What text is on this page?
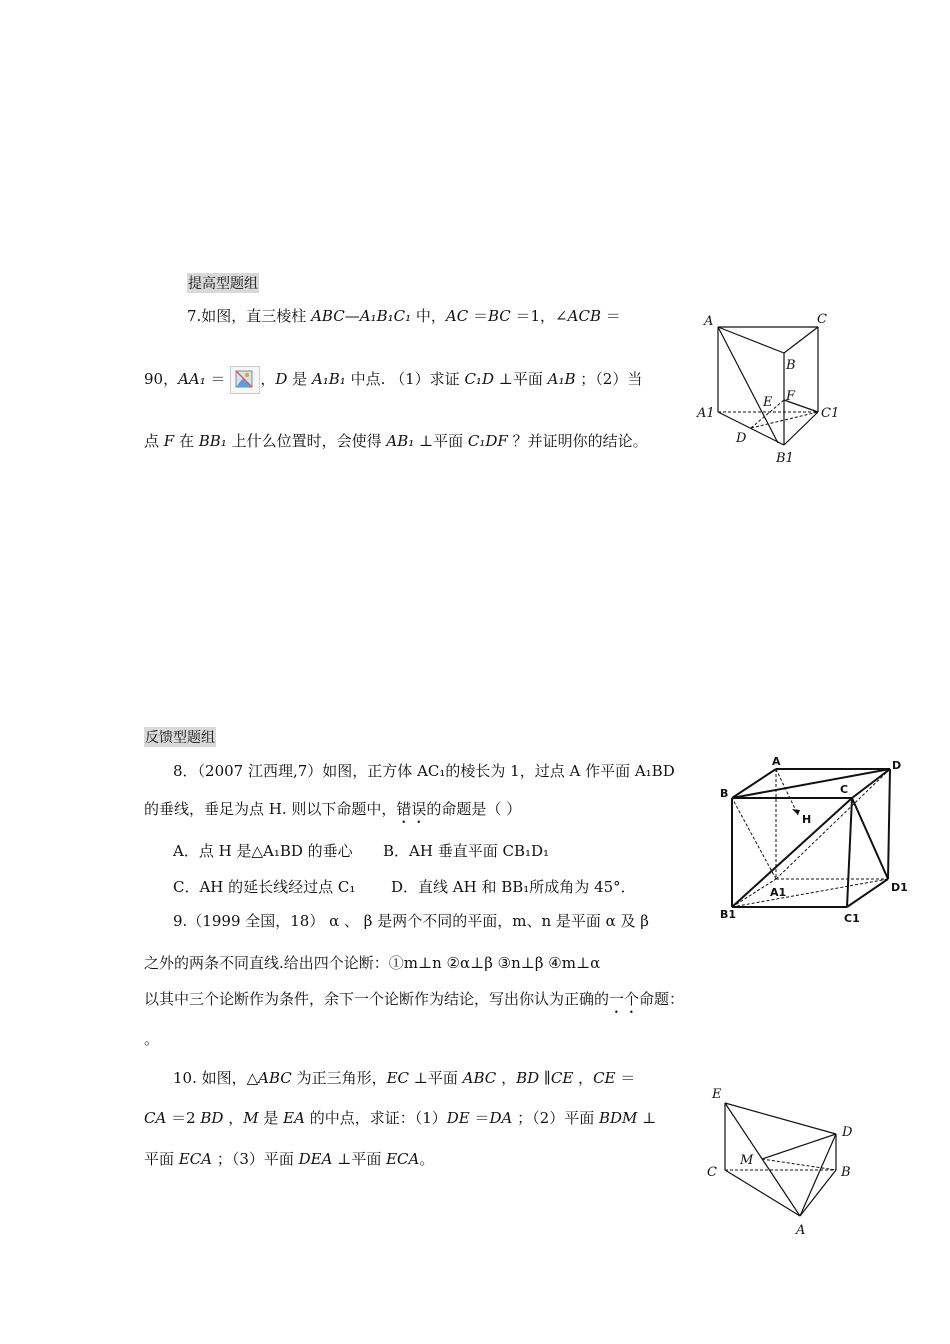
提高型题组
7.如图，直三棱柱 ABC—A₁B₁C₁ 中，AC ＝BC ＝1，∠ACB ＝
90，AA₁ ＝ ，D 是 A₁B₁ 中点. （1）求证 C₁D ⊥平面 A₁B ；（2）当
点 F 在 BB₁ 上什么位置时，会使得 AB₁ ⊥平面 C₁DF ？并证明你的结论。
A	C
B
E F
A1	C1
D
B1
反馈型题组
8．（2007 江西理,7）如图，正方体 AC₁的棱长为 1，过点 A 作平面 A₁BD
的垂线，垂足为点 H. 则以下命题中，错误的命题是（ ）
A．点 H 是△A₁BD 的垂心 B．AH 垂直平面 CB₁D₁
C．AH 的延长线经过点 C₁ D．直线 AH 和 BB₁所成角为 45°．
A	D
B	C
H
D1
A1
B1	C1
9.（1999 全国，18） α 、 β 是两个不同的平面，m、n 是平面 α 及 β
之外的两条不同直线.给出四个论断：①m⊥n ②α⊥β ③n⊥β ④m⊥α
以其中三个论断作为条件，余下一个论断作为结论，写出你认为正确的一个命题：
。
10. 如图，△ABC 为正三角形，EC ⊥平面 ABC ，BD ∥CE ，CE ＝
CA ＝2 BD ，M 是 EA 的中点，求证：（1）DE ＝DA ；（2）平面 BDM ⊥
平面 ECA ；（3）平面 DEA ⊥平面 ECA。
E
D
M
C	B
A
